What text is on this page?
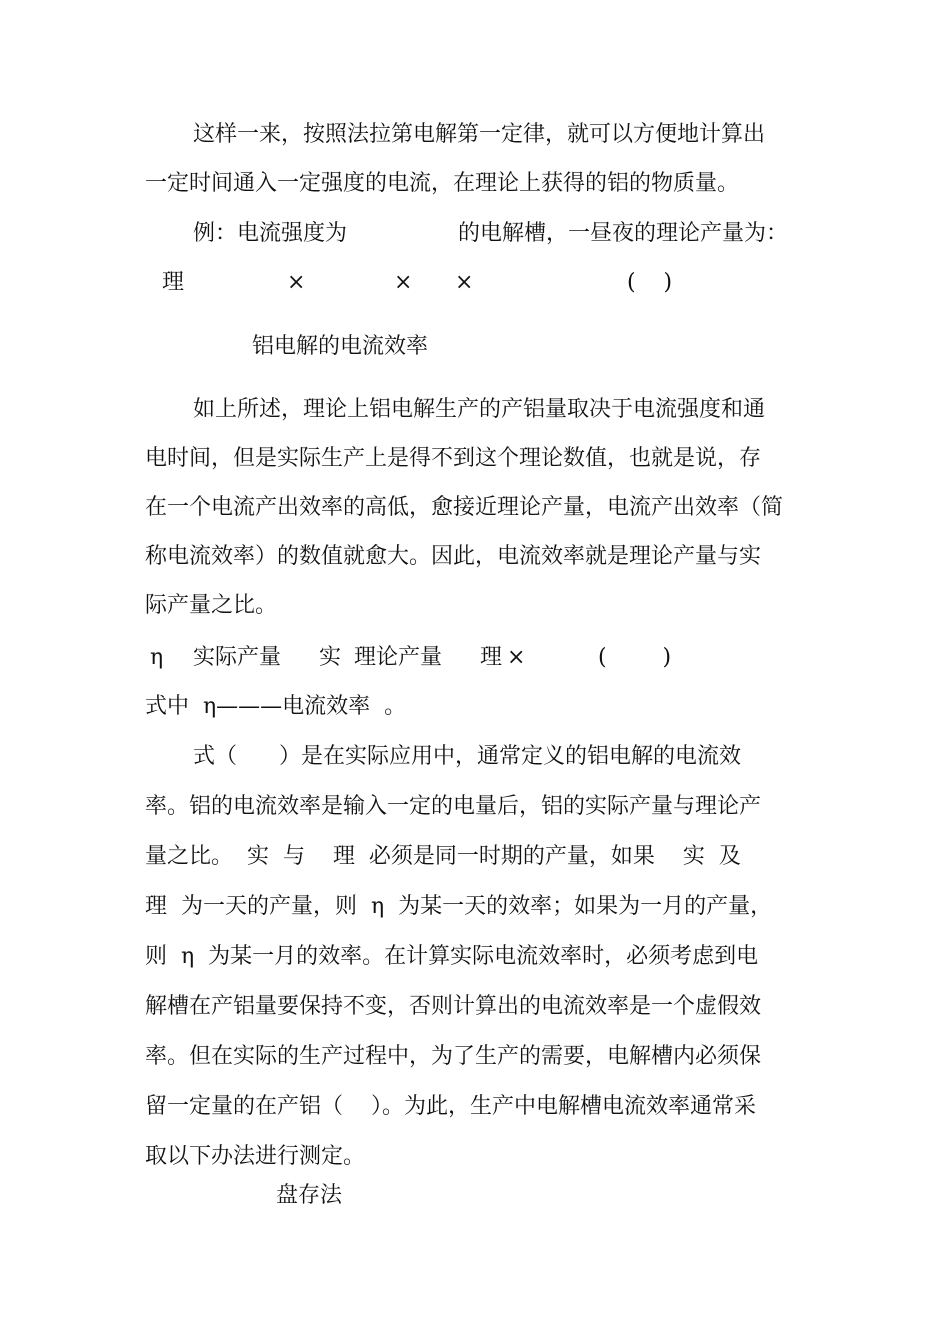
这样一来，按照法拉第电解第一定律，就可以方便地计算出
一定时间通入一定强度的电流，在理论上获得的铝的物质量。
例：电流强度为	的电解槽，一昼夜的理论产量为：
理	×	× ×	(    )
铝电解的电流效率
如上所述，理论上铝电解生产的产铝量取决于电流强度和通
电时间，但是实际生产上是得不到这个理论数值，也就是说，存
在一个电流产出效率的高低，愈接近理论产量，电流产出效率（简
称电流效率）的数值就愈大。因此，电流效率就是理论产量与实
际产量之比。
η 实际产量 实 理论产量 理 ×	(        )
式中  η———电流效率  。
式（      ）是在实际应用中，通常定义的铝电解的电流效
率。铝的电流效率是输入一定的电量后，铝的实际产量与理论产
量之比。  实  与    理  必须是同一时期的产量，如果    实  及
理  为一天的产量，则  η  为某一天的效率；如果为一月的产量，
则  η  为某一月的效率。在计算实际电流效率时，必须考虑到电
解槽在产铝量要保持不变，否则计算出的电流效率是一个虚假效
率。但在实际的生产过程中，为了生产的需要，电解槽内必须保
留一定量的在产铝（    ）。为此，生产中电解槽电流效率通常采
取以下办法进行测定。
盘存法
